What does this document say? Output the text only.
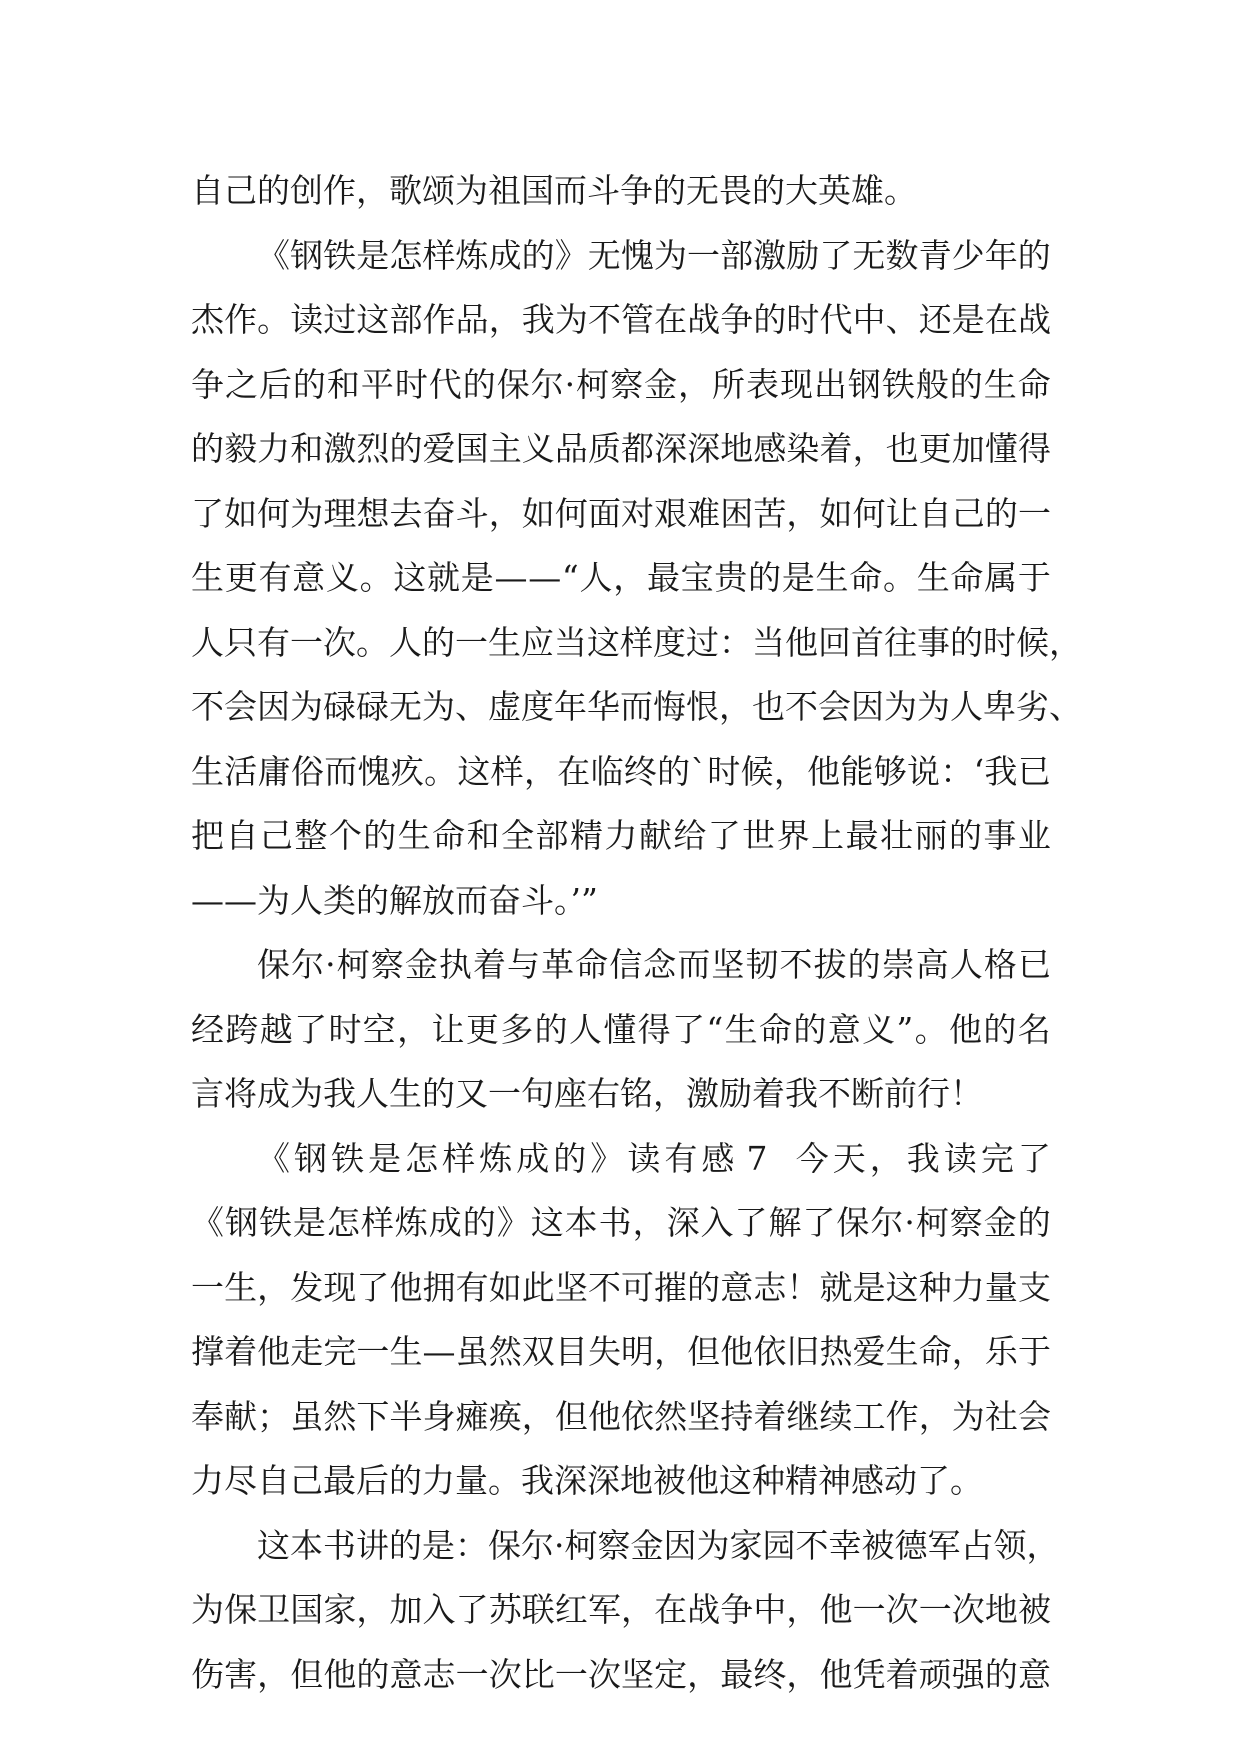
自己的创作，歌颂为祖国而斗争的无畏的大英雄。
《 钢 铁 是 怎 样 炼 成 的 》 无 愧 为 一 部 激 励 了 无 数 青 少 年 的
杰 作 。 读 过 这 部 作 品 ， 我 为 不 管 在 战 争 的 时 代 中 、 还 是 在 战
争 之 后 的 和 平 时 代 的 保 尔 · 柯 察 金 ， 所 表 现 出 钢 铁 般 的 生 命
的 毅 力 和 激 烈 的 爱 国 主 义 品 质 都 深 深 地 感 染 着 ， 也 更 加 懂 得
了 如 何 为 理 想 去 奋 斗 ， 如 何 面 对 艰 难 困 苦 ， 如 何 让 自 己 的 一
生 更 有 意 义 。 这 就 是 — — “ 人 ， 最 宝 贵 的 是 生 命 。 生 命 属 于
人 只 有 一 次 。 人 的 一 生 应 当 这 样 度 过 ： 当 他 回 首 往 事 的 时 候 ，
不 会 因 为 碌 碌 无 为 、 虚 度 年 华 而 悔 恨 ， 也 不 会 因 为 为 人 卑 劣 、
生 活 庸 俗 而 愧 疚 。 这 样 ， 在 临 终 的 ` 时 候 ， 他 能 够 说 ： ‘ 我 已
把 自 己 整 个 的 生 命 和 全 部 精 力 献 给 了 世 界 上 最 壮 丽 的 事 业
——为人类的解放而奋斗。’”
保 尔 · 柯 察 金 执 着 与 革 命 信 念 而 坚 韧 不 拔 的 崇 高 人 格 已
经 跨 越 了 时 空 ， 让 更 多 的 人 懂 得 了 “ 生 命 的 意 义 ” 。 他 的 名
言将成为我人生的又一句座右铭，激励着我不断前行！
《 钢 铁 是 怎 样 炼 成 的 》 读 有 感 7 今 天 ， 我 读 完 了
《 钢 铁 是 怎 样 炼 成 的 》 这 本 书 ， 深 入 了 解 了 保 尔 · 柯 察 金 的
一 生 ， 发 现 了 他 拥 有 如 此 坚 不 可 摧 的 意 志 ！ 就 是 这 种 力 量 支
撑 着 他 走 完 一 生 — 虽 然 双 目 失 明 ， 但 他 依 旧 热 爱 生 命 ， 乐 于
奉 献 ； 虽 然 下 半 身 瘫 痪 ， 但 他 依 然 坚 持 着 继 续 工 作 ， 为 社 会
力尽自己最后的力量。我深深地被他这种精神感动了。
这 本 书 讲 的 是 ： 保 尔 · 柯 察 金 因 为 家 园 不 幸 被 德 军 占 领 ，
为 保 卫 国 家 ， 加 入 了 苏 联 红 军 ， 在 战 争 中 ， 他 一 次 一 次 地 被
伤 害 ， 但 他 的 意 志 一 次 比 一 次 坚 定 ， 最 终 ， 他 凭 着 顽 强 的 意
